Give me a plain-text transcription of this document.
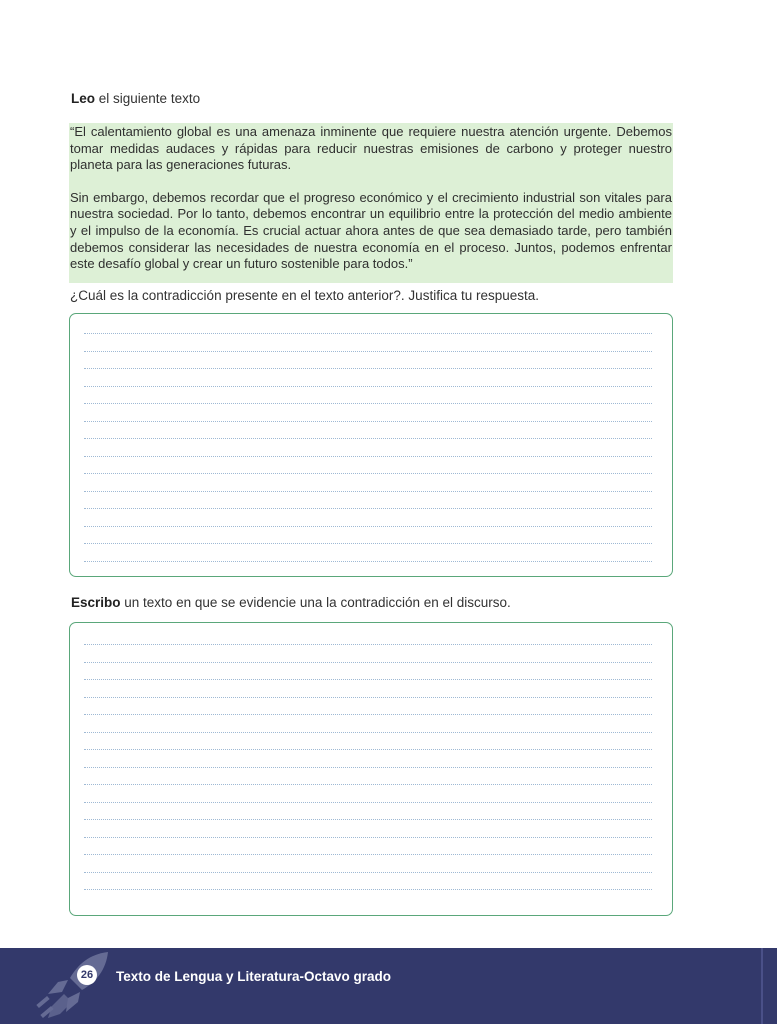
Leo el siguiente texto

“El calentamiento global es una amenaza inminente que requiere nuestra atención urgente. Debemos tomar medidas audaces y rápidas para reducir nuestras emisiones de carbono y proteger nuestro planeta para las generaciones futuras.

Sin embargo, debemos recordar que el progreso económico y el crecimiento industrial son vitales para nuestra sociedad. Por lo tanto, debemos encontrar un equilibrio entre la protección del medio ambiente y el impulso de la economía. Es crucial actuar ahora antes de que sea demasiado tarde, pero también debemos considerar las necesidades de nuestra economía en el proceso. Juntos, podemos enfrentar este desafío global y crear un futuro sostenible para todos.”

¿Cuál es la contradicción presente en el texto anterior?. Justifica tu respuesta.
Escribo un texto en que se evidencie una la contradicción en el discurso.
26 Texto de Lengua y Literatura-Octavo grado
